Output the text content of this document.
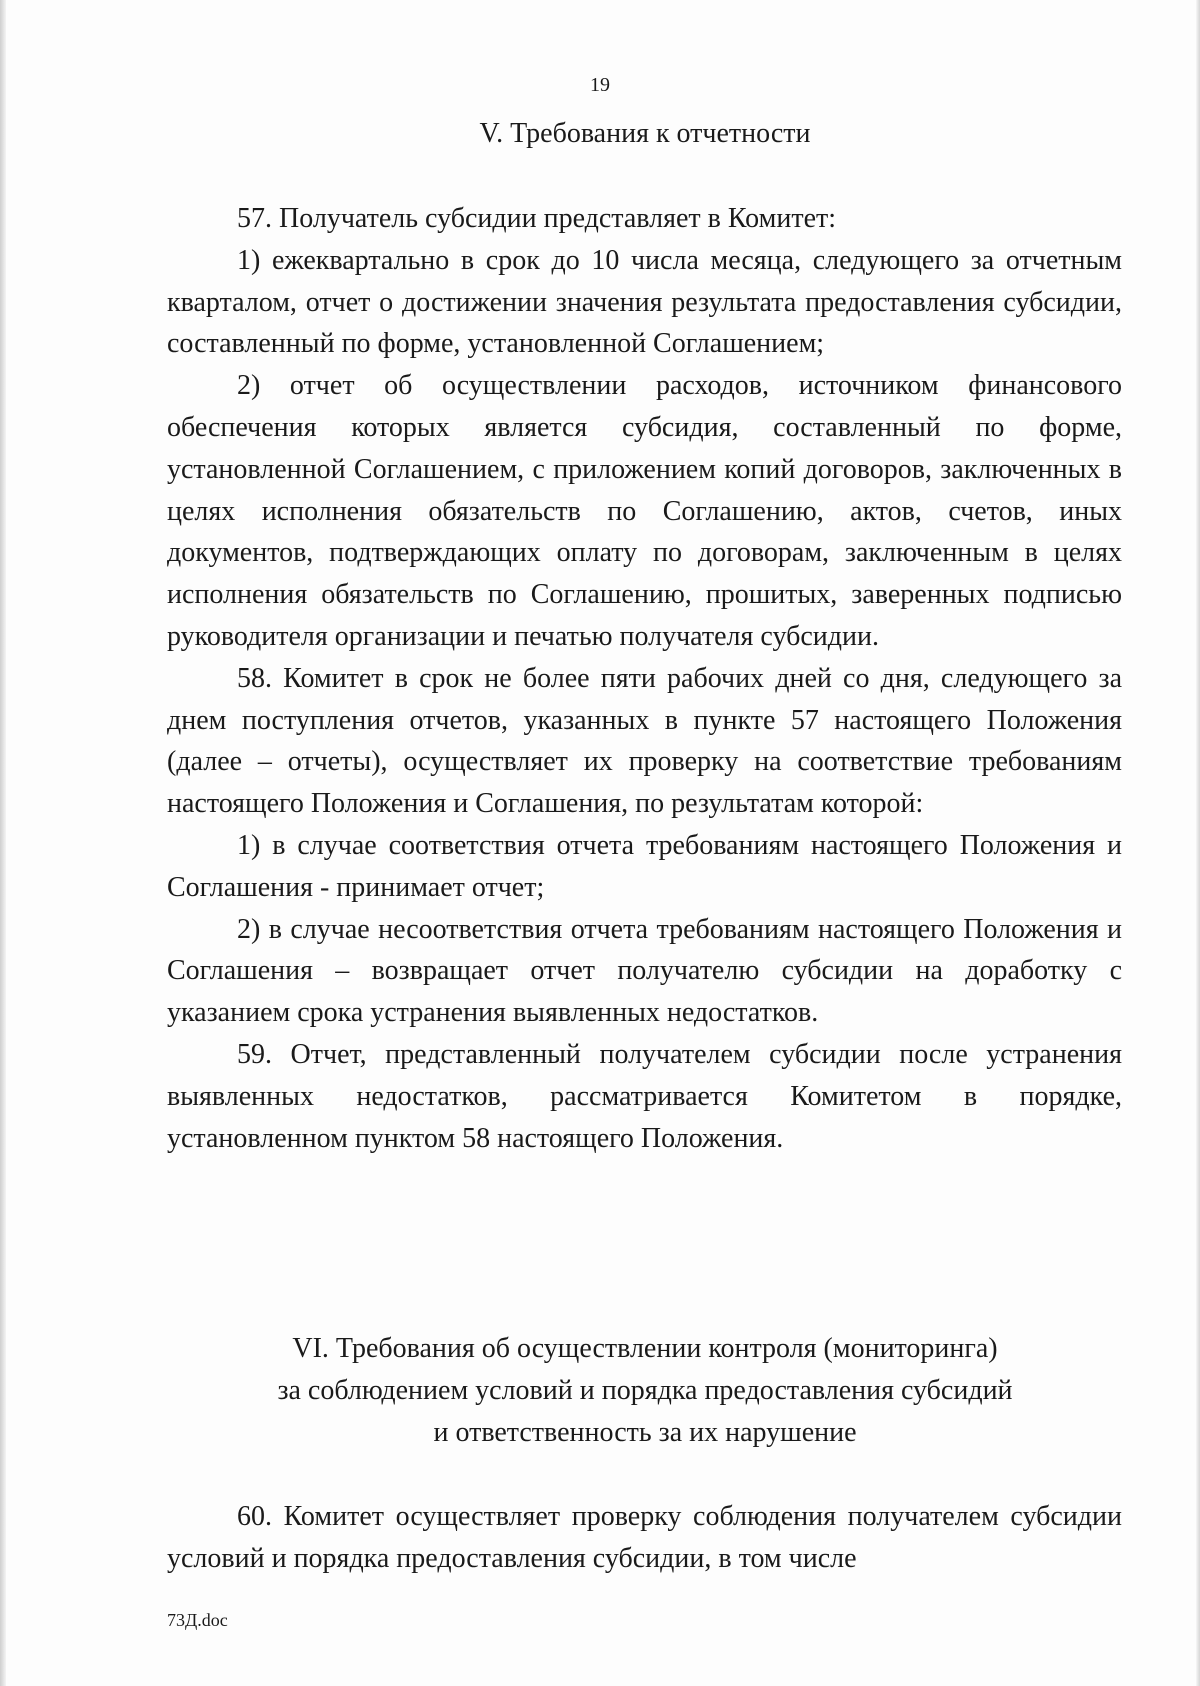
19
V. Требования к отчетности

57. Получатель субсидии представляет в Комитет:

1) ежеквартально в срок до 10 числа месяца, следующего за отчетным кварталом, отчет о достижении значения результата предоставления субсидии, составленный по форме, установленной Соглашением;

2) отчет об осуществлении расходов, источником финансового обеспечения которых является субсидия, составленный по форме, установленной Соглашением, с приложением копий договоров, заключенных в целях исполнения обязательств по Соглашению, актов, счетов, иных документов, подтверждающих оплату по договорам, заключенным в целях исполнения обязательств по Соглашению, прошитых, заверенных подписью руководителя организации и печатью получателя субсидии.

58. Комитет в срок не более пяти рабочих дней со дня, следующего за днем поступления отчетов, указанных в пункте 57 настоящего Положения (далее – отчеты), осуществляет их проверку на соответствие требованиям настоящего Положения и Соглашения, по результатам которой:

1) в случае соответствия отчета требованиям настоящего Положения и Соглашения - принимает отчет;

2) в случае несоответствия отчета требованиям настоящего Положения и Соглашения – возвращает отчет получателю субсидии на доработку с указанием срока устранения выявленных недостатков.

59. Отчет, представленный получателем субсидии после устранения выявленных недостатков, рассматривается Комитетом в порядке, установленном пунктом 58 настоящего Положения.

VI. Требования об осуществлении контроля (мониторинга)
за соблюдением условий и порядка предоставления субсидий
и ответственность за их нарушение

60. Комитет осуществляет проверку соблюдения получателем субсидии условий и порядка предоставления субсидии, в том числе

73Д.doc
